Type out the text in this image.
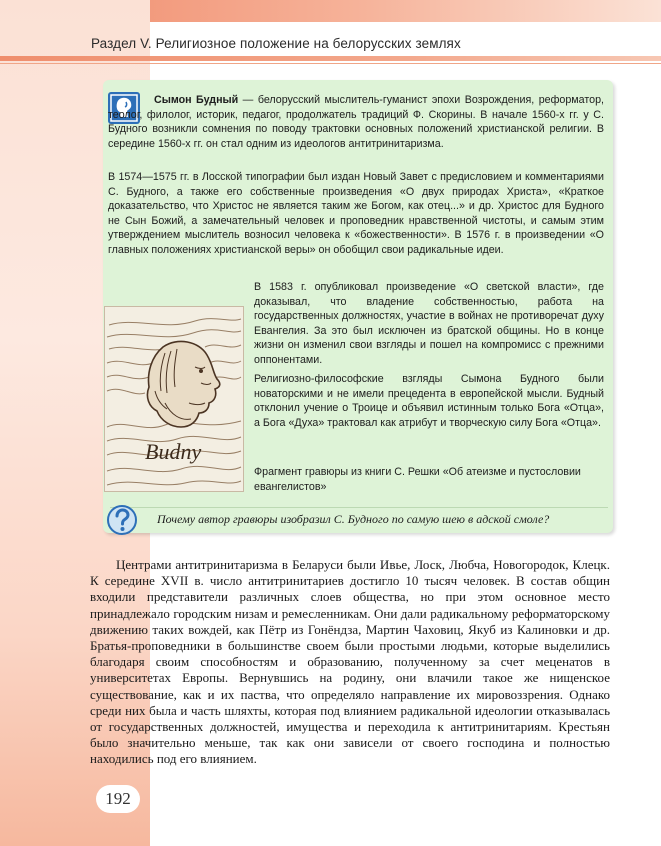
Раздел V. Религиозное положение на белорусских землях

Сымон Будный — белорусский мыслитель-гуманист эпохи Возрождения, реформатор, теолог, филолог, историк, педагог, продолжатель традиций Ф. Скорины. В начале 1560-х гг. у С. Будного возникли сомнения по поводу трактовки основных положений христианской религии. В середине 1560-х гг. он стал одним из идеологов антитринитаризма.

В 1574—1575 гг. в Лосской типографии был издан Новый Завет с предисловием и комментариями С. Будного, а также его собственные произведения «О двух природах Христа», «Краткое доказательство, что Христос не является таким же Богом, как отец...» и др. Христос для Будного не Сын Божий, а замечательный человек и проповедник нравственной чистоты, и самым этим утверждением мыслитель возносил человека к «божественности». В 1576 г. в произведении «О главных положениях христианской веры» он обобщил свои радикальные идеи.

Budny

В 1583 г. опубликовал произведение «О светской власти», где доказывал, что владение собственностью, работа на государственных должностях, участие в войнах не противоречат духу Евангелия. За это был исключен из братской общины. Но в конце жизни он изменил свои взгляды и пошел на компромисс с прежними оппонентами.

Религиозно-философские взгляды Сымона Будного были новаторскими и не имели прецедента в европейской мысли. Будный отклонил учение о Троице и объявил истинным только Бога «Отца», а Бога «Духа» трактовал как атрибут и творческую силу Бога «Отца».

Фрагмент гравюры из книги С. Решки «Об атеизме и пустословии евангелистов»

Почему автор гравюры изобразил С. Будного по самую шею в адской смоле?

Центрами антитринитаризма в Беларуси были Ивье, Лоск, Любча, Новогородок, Клецк. К середине XVII в. число антитринитариев достигло 10 тысяч человек. В состав общин входили представители различных слоев общества, но при этом основное место принадлежало городским низам и ремесленникам. Они дали радикальному реформаторскому движению таких вождей, как Пётр из Гонёндза, Мартин Чаховиц, Якуб из Калиновки и др. Братья-проповедники в большинстве своем были простыми людьми, которые выделились благодаря своим способностям и образованию, полученному за счет меценатов в университетах Европы. Вернувшись на родину, они влачили такое же нищенское существование, как и их паства, что определяло направление их мировоззрения. Однако среди них была и часть шляхты, которая под влиянием радикальной идеологии отказывалась от государственных должностей, имущества и переходила к антитринитариям. Крестьян было значительно меньше, так как они зависели от своего господина и полностью находились под его влиянием.

192
